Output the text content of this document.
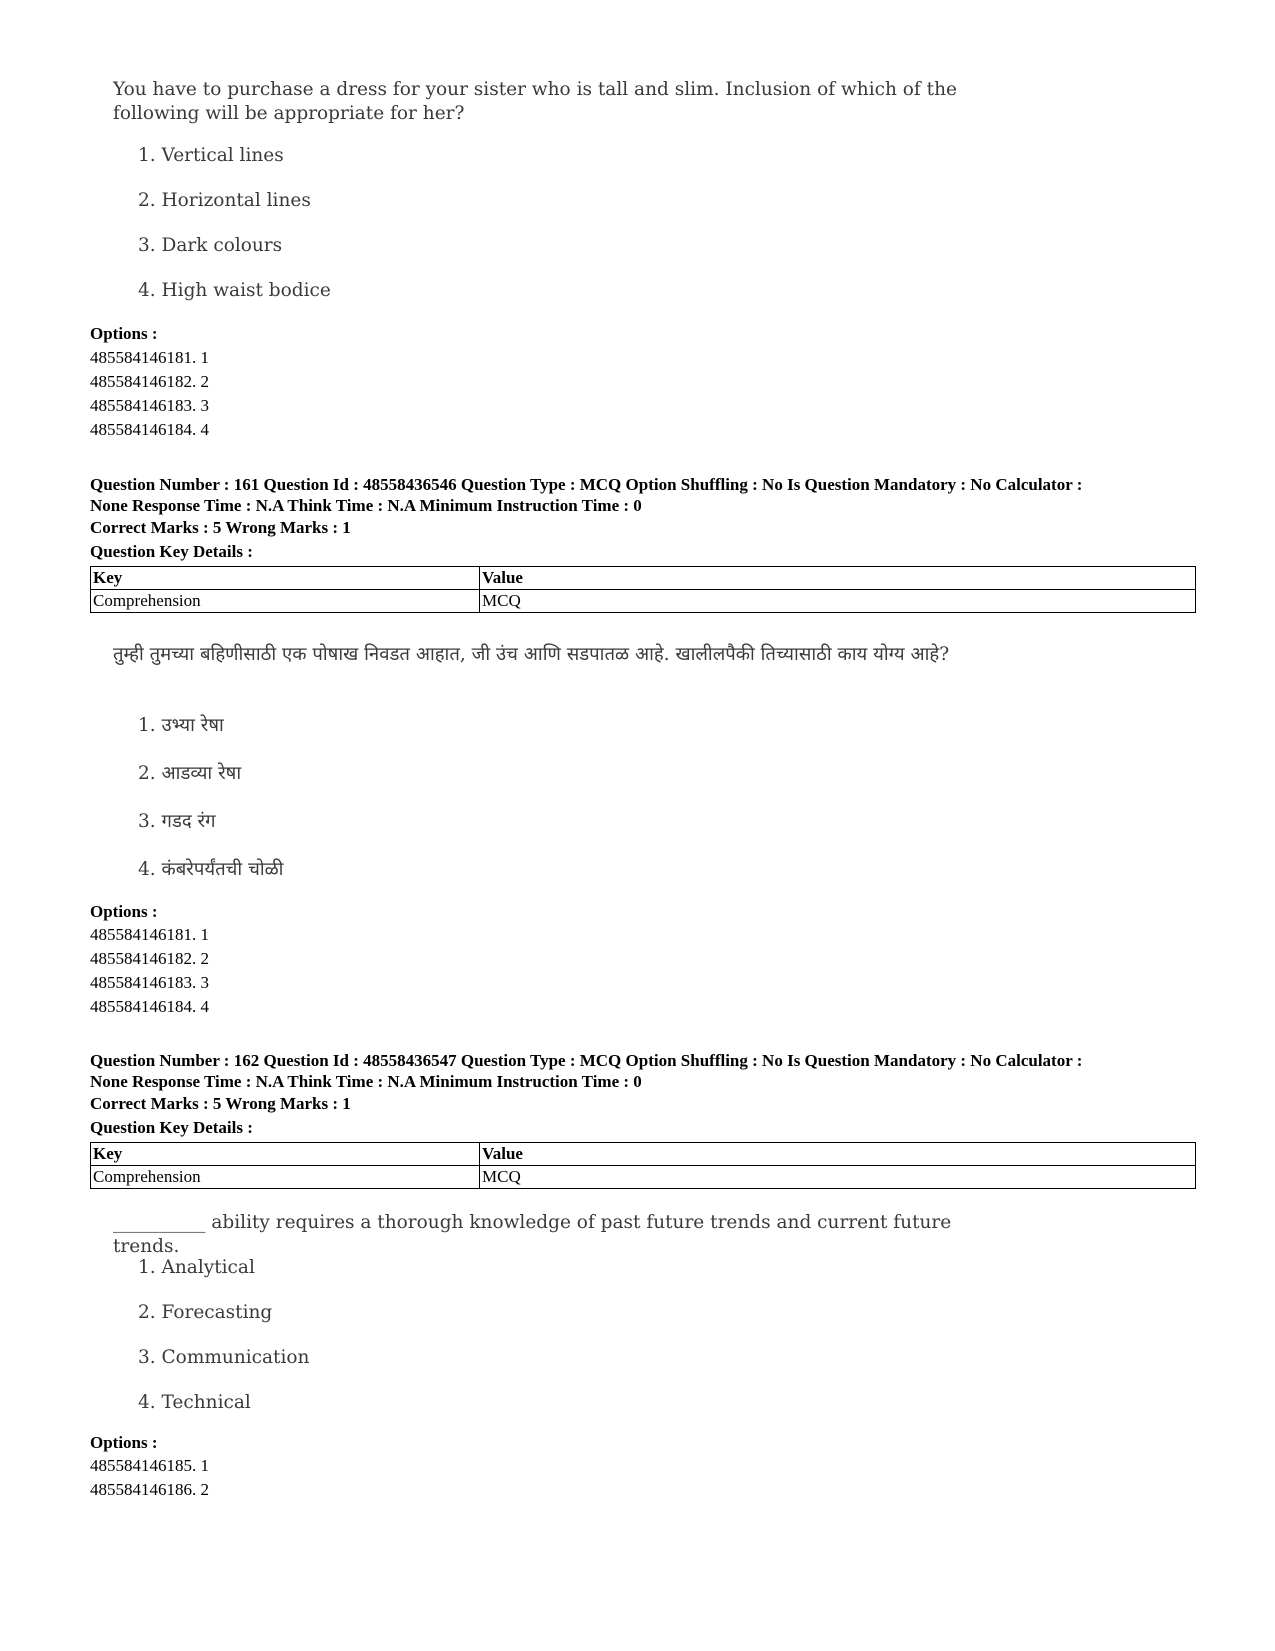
You have to purchase a dress for your sister who is tall and slim. Inclusion of which of the following will be appropriate for her?
1. Vertical lines
2. Horizontal lines
3. Dark colours
4. High waist bodice
Options :
485584146181. 1
485584146182. 2
485584146183. 3
485584146184. 4
Question Number : 161 Question Id : 48558436546 Question Type : MCQ Option Shuffling : No Is Question Mandatory : No Calculator :
None Response Time : N.A Think Time : N.A Minimum Instruction Time : 0
Correct Marks : 5 Wrong Marks : 1
Question Key Details :
Key	Value
Comprehension	MCQ
तुम्ही तुमच्या बहिणीसाठी एक पोषाख निवडत आहात, जी उंच आणि सडपातळ आहे. खालीलपैकी तिच्यासाठी काय योग्य आहे?
1. उभ्या रेषा
2. आडव्या रेषा
3. गडद रंग
4. कंबरेपर्यंतची चोळी
Options :
485584146181. 1
485584146182. 2
485584146183. 3
485584146184. 4
Question Number : 162 Question Id : 48558436547 Question Type : MCQ Option Shuffling : No Is Question Mandatory : No Calculator :
None Response Time : N.A Think Time : N.A Minimum Instruction Time : 0
Correct Marks : 5 Wrong Marks : 1
Question Key Details :
Key	Value
Comprehension	MCQ
__________ ability requires a thorough knowledge of past future trends and current future trends.
1. Analytical
2. Forecasting
3. Communication
4. Technical
Options :
485584146185. 1
485584146186. 2
